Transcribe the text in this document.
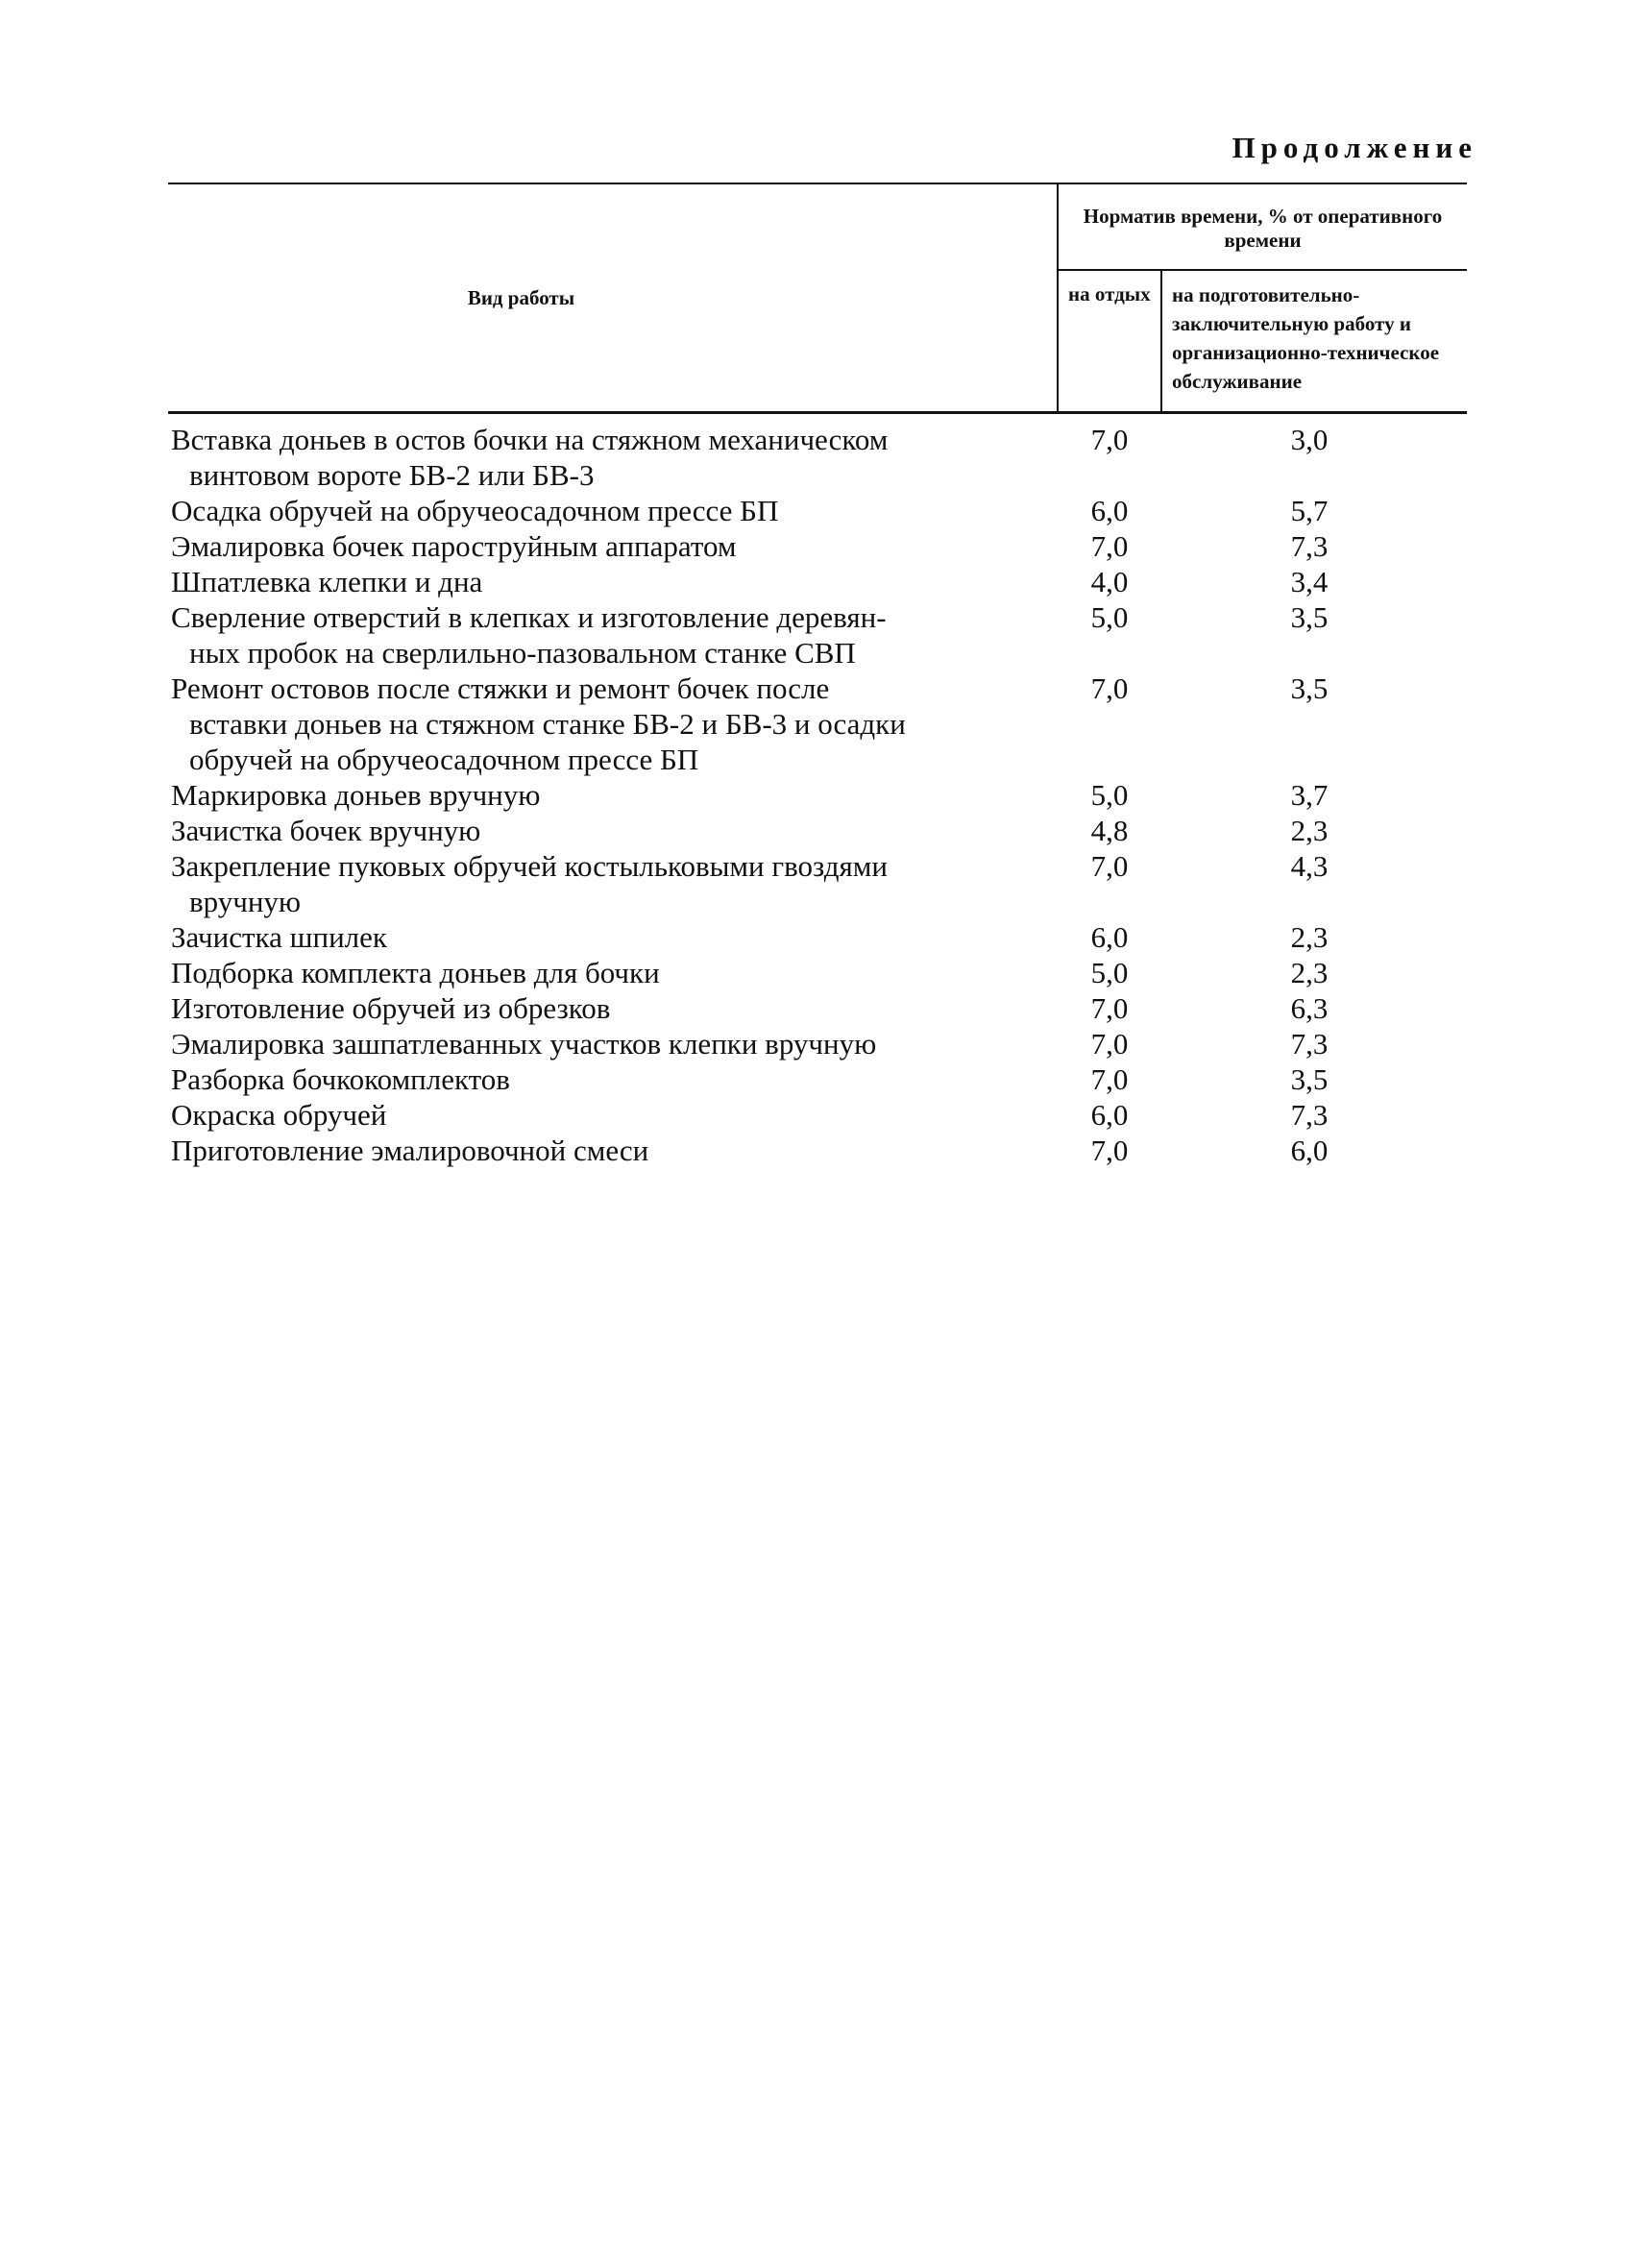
Продолжение
Вид работы	Норматив времени, % от оперативного времени	
	на отдых	на подготовительно-заключительную работу и организационно-техническое обслуживание

Вставка доньев в остов бочки на стяжном механическом
винтовом вороте БВ-2 или БВ-3	7,0	3,0

Осадка обручей на обручеосадочном прессе БП	6,0	5,7

Эмалировка бочек пароструйным аппаратом	7,0	7,3

Шпатлевка клепки и дна	4,0	3,4

Сверление отверстий в клепках и изготовление деревян-
ных пробок на сверлильно-пазовальном станке СВП	5,0	3,5

Ремонт остовов после стяжки и ремонт бочек после
вставки доньев на стяжном станке БВ-2 и БВ-3 и осадки
обручей на обручеосадочном прессе БП	7,0	3,5

Маркировка доньев вручную	5,0	3,7

Зачистка бочек вручную	4,8	2,3

Закрепление пуковых обручей костыльковыми гвоздями
вручную	7,0	4,3

Зачистка шпилек	6,0	2,3

Подборка комплекта доньев для бочки	5,0	2,3

Изготовление обручей из обрезков	7,0	6,3

Эмалировка зашпатлеванных участков клепки вручную	7,0	7,3

Разборка бочкокомплектов	7,0	3,5

Окраска обручей	6,0	7,3

Приготовление эмалировочной смеси	7,0	6,0
